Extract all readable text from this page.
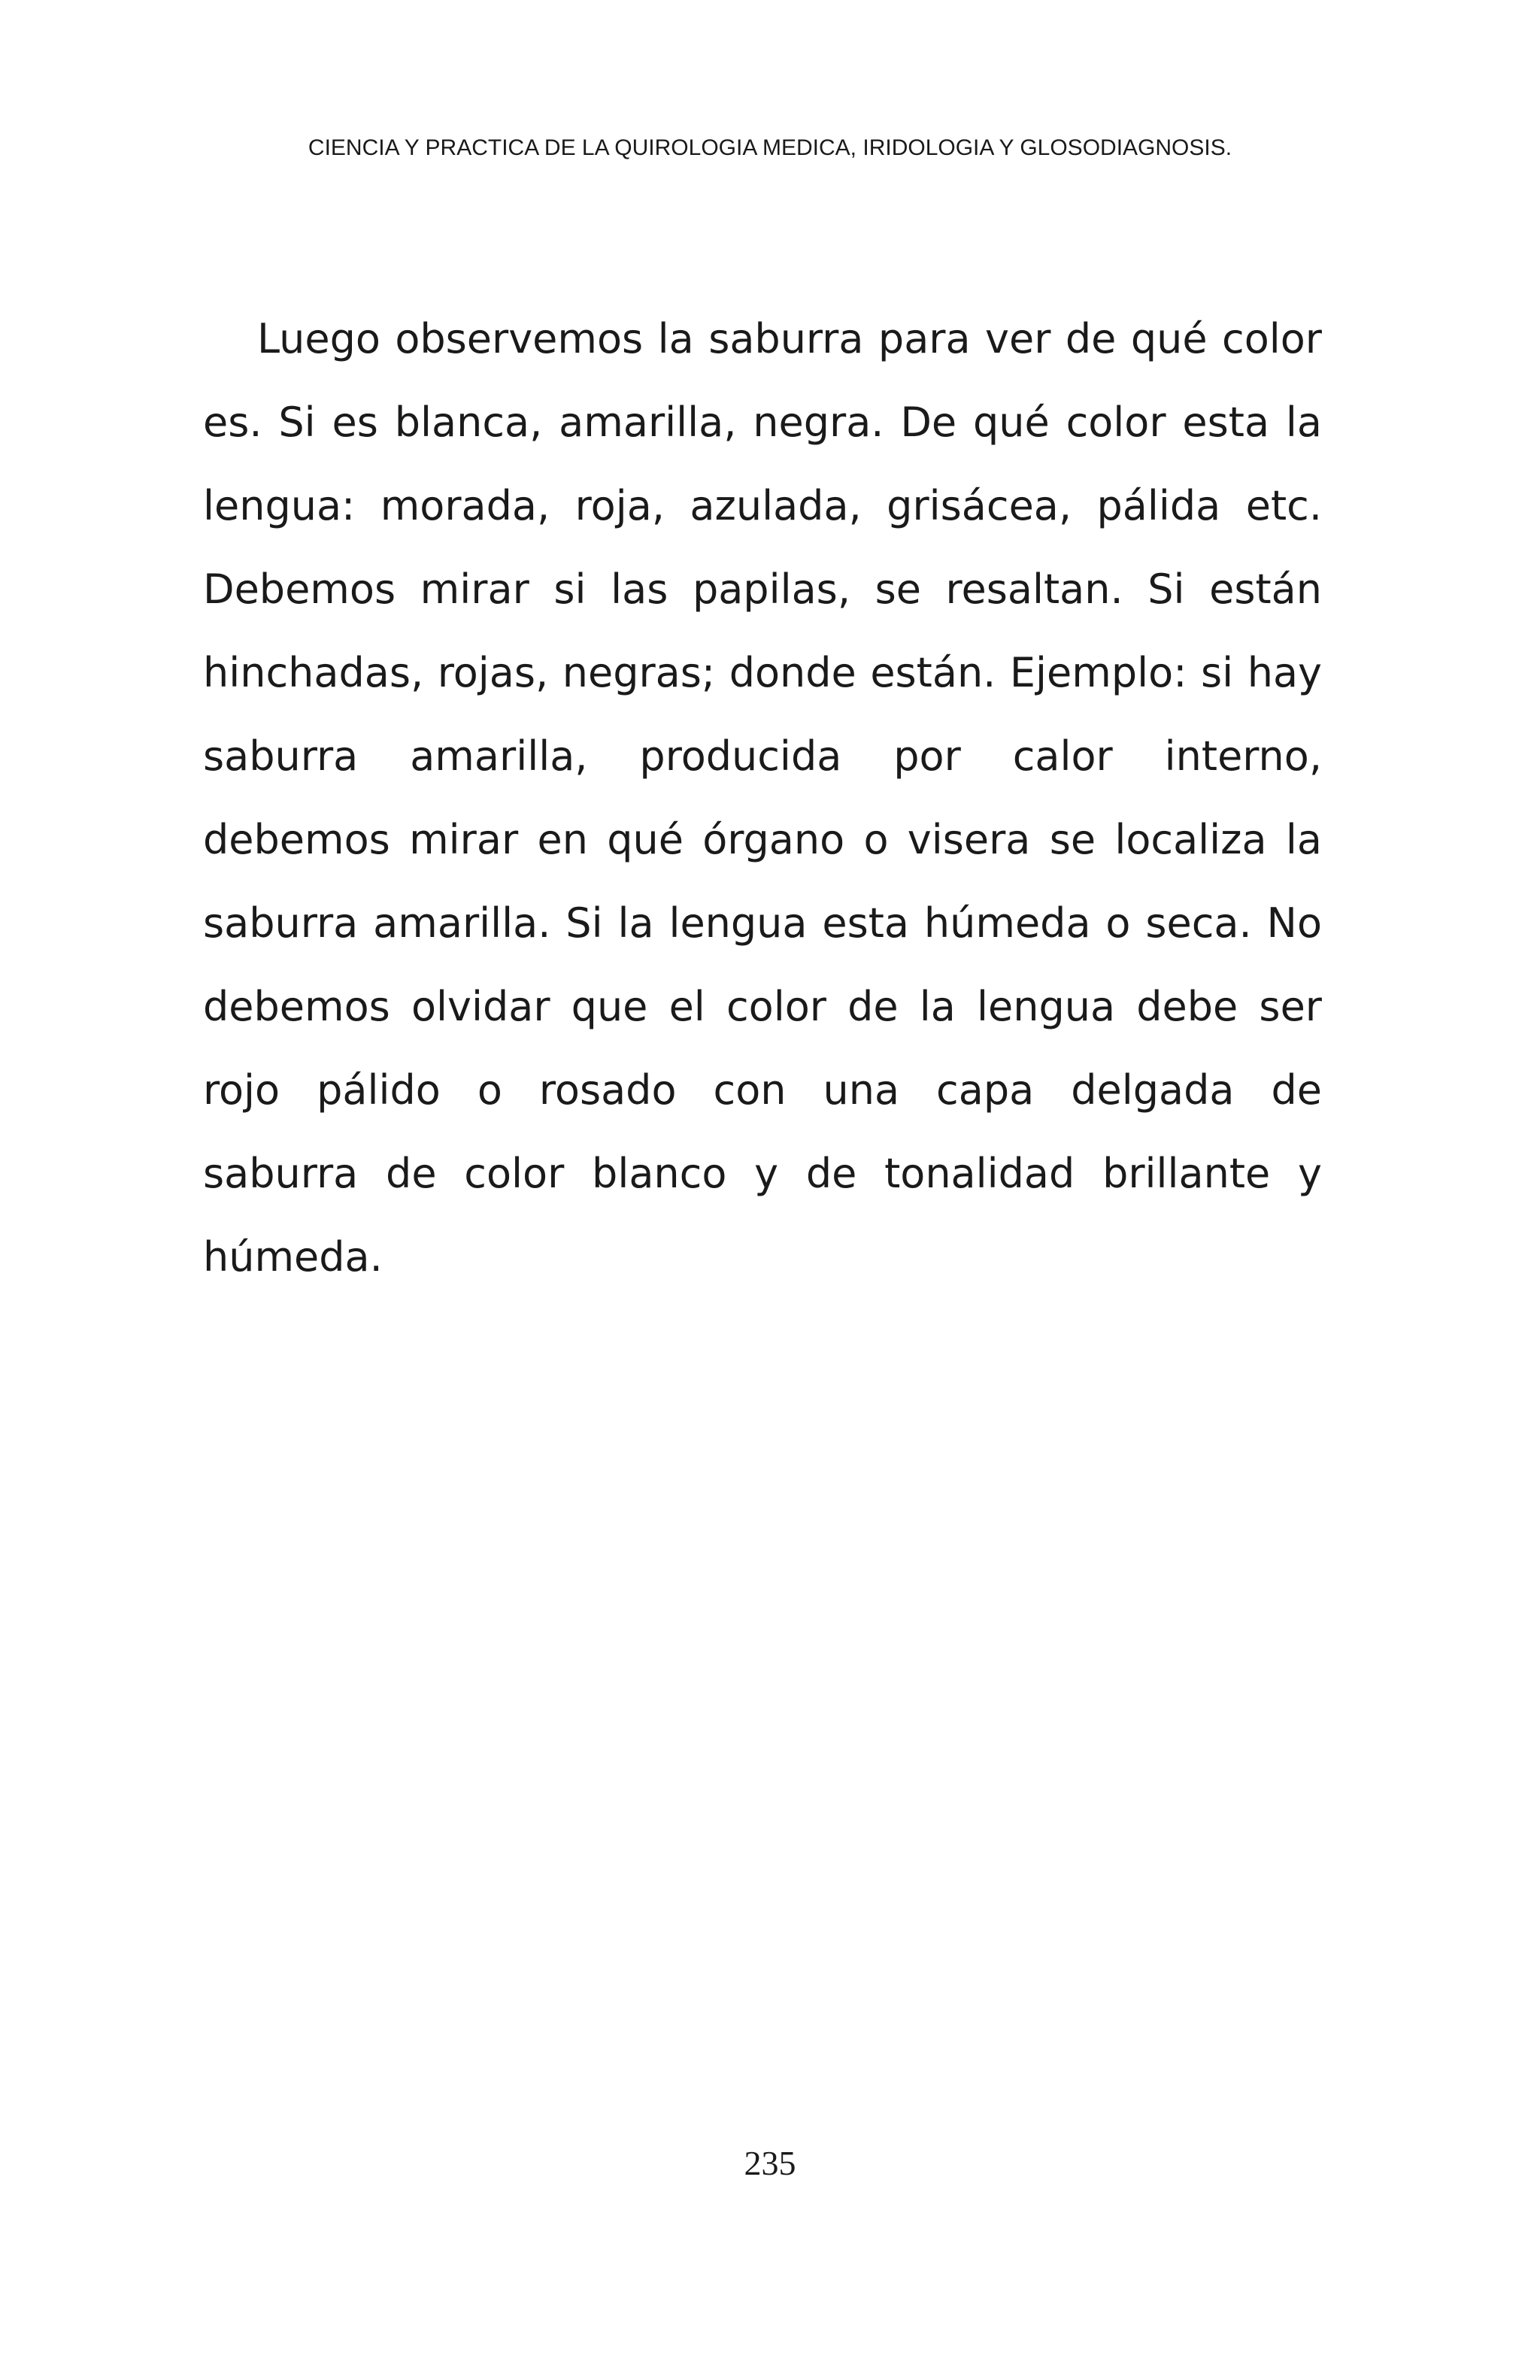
CIENCIA Y PRACTICA DE LA QUIROLOGIA MEDICA, IRIDOLOGIA Y GLOSODIAGNOSIS.
Luego observemos la saburra para ver de qué color
es. Si es blanca, amarilla, negra. De qué color esta la
lengua: morada, roja, azulada, grisácea, pálida etc.
Debemos mirar si las papilas, se resaltan. Si están
hinchadas, rojas, negras; donde están. Ejemplo: si hay
saburra amarilla, producida por calor interno,
debemos mirar en qué órgano o visera se localiza la
saburra amarilla. Si la lengua esta húmeda o seca. No
debemos olvidar que el color de la lengua debe ser
rojo pálido o rosado con una capa delgada de
saburra de color blanco y de tonalidad brillante y
húmeda.
235
